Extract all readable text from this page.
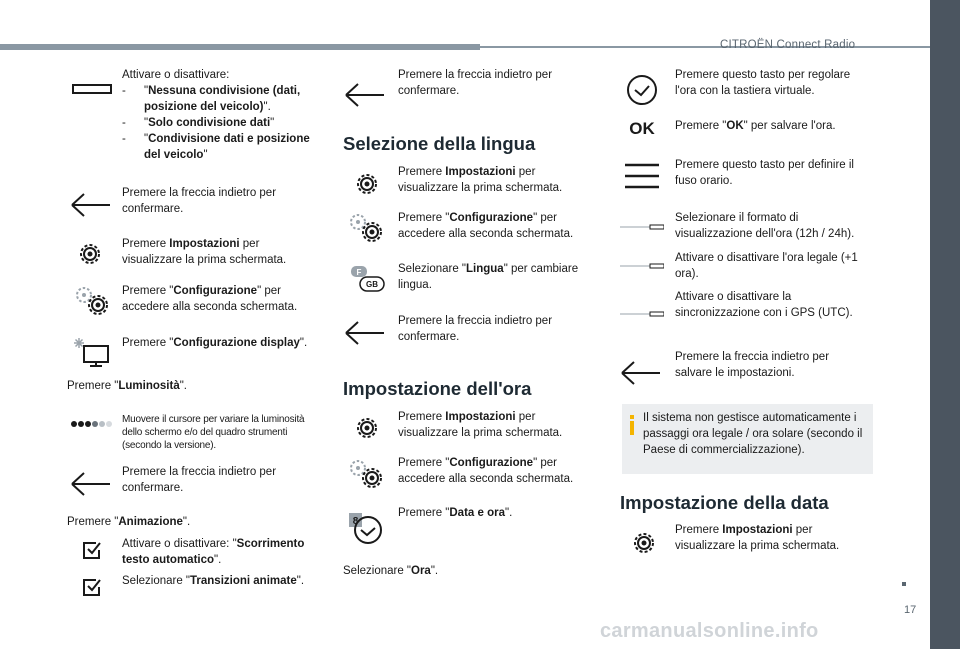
CITROËN Connect Radio
17
carmanualsonline.info
Attivare o disattivare:
- "Nessuna condivisione (dati, posizione del veicolo)".
- "Solo condivisione dati"
- "Condivisione dati e posizione del veicolo"
Premere la freccia indietro per confermare.
Premere Impostazioni per visualizzare la prima schermata.
Premere "Configurazione" per accedere alla seconda schermata.
Premere "Configurazione display".
Premere "Luminosità".
Muovere il cursore per variare la luminosità dello schermo e/o del quadro strumenti (secondo la versione).
Premere la freccia indietro per confermare.
Premere "Animazione".
Attivare o disattivare: "Scorrimento testo automatico".
Selezionare "Transizioni animate".
Premere la freccia indietro per confermare.
Selezione della lingua
Premere Impostazioni per visualizzare la prima schermata.
Premere "Configurazione" per accedere alla seconda schermata.
F
GB
Selezionare "Lingua" per cambiare lingua.
Premere la freccia indietro per confermare.
Impostazione dell'ora
Premere Impostazioni per visualizzare la prima schermata.
Premere "Configurazione" per accedere alla seconda schermata.
8
Premere "Data e ora".
Selezionare "Ora".
Premere questo tasto per regolare l'ora con la tastiera virtuale.
OK	Premere "OK" per salvare l'ora.
Premere questo tasto per definire il fuso orario.
Selezionare il formato di visualizzazione dell'ora (12h / 24h).
Attivare o disattivare l'ora legale (+1 ora).
Attivare o disattivare la sincronizzazione con i GPS (UTC).
Premere la freccia indietro per salvare le impostazioni.
Il sistema non gestisce automaticamente i passaggi ora legale / ora solare (secondo il Paese di commercializzazione).
Impostazione della data
Premere Impostazioni per visualizzare la prima schermata.
